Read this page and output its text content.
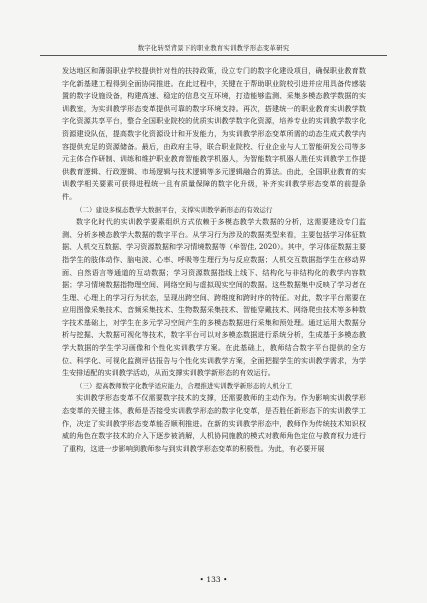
数字化转型背景下的职业教育实训教学形态变革研究

发达地区和薄弱职业学校提供针对性的扶持政策，设立专门的数字化建设项目，确保职业教育数字化新基建工程得到全面协同推进。在此过程中，关键在于帮助职业院校引进并应用具备传感装置的数字设施设备，构建高速、稳定的信息交互环境，打造能够监测、采集多模态教学数据的实训教室，为实训教学形态变革提供可靠的数字环境支持。再次，搭建统一的职业教育实训教学数字化资源共享平台，整合全国职业院校的优质实训教学数字化资源，培养专业的实训教学数字化资源建设队伍，提高数字化资源设计和开发能力，为实训教学形态变革所需的动态生成式教学内容提供充足的资源储备。最后，由政府主导，联合职业院校、行业企业与人工智能研发公司等多元主体合作研制、训练和维护职业教育智能教学机器人，为智能数字机器人胜任实训教学工作提供教育逻辑、行政逻辑、市场逻辑与技术逻辑等多元逻辑融合的算法。由此，全国职业教育的实训教学相关要素可获得进程统一且有质量保障的数字化升级，补齐实训教学形态变革的前提条件。

（二）建设多模态教学大数据平台，支撑实训教学新形态的有效运行

数字化时代的实训教学要素组织方式依赖于多模态教学大数据的分析，这需要建设专门监测、分析多模态教学大数据的数字平台。从学习行为涉及的数据类型来看，主要包括学习体征数据、人机交互数据、学习资源数据和学习情境数据等（牟智佳, 2020）。其中，学习体征数据主要指学生的肢体动作、脑电波、心率、呼吸等生理行为与反应数据；人机交互数据指学生在移动界面、自然语言等通道的互动数据；学习资源数据指线上线下、结构化与非结构化的教学内容数据；学习情境数据指物理空间、网络空间与虚拟现实空间的数据。这些数据集中反映了学习者在生理、心理上的学习行为状态，呈现出跨空间、跨维度和跨时序的特征。对此，数字平台需要在应用图像采集技术、音频采集技术、生物数据采集技术、智能穿戴技术、网络爬虫技术等多种数字技术基础上，对学生在多元学习空间产生的多模态数据进行采集和预处理。通过运用大数据分析与挖掘、大数据可视化等技术，数字平台可以对多模态数据进行系统分析，生成基于多模态教学大数据的学生学习画像和个性化实训教学方案。在此基础上，教师结合数字平台提供的全方位、科学化、可视化监测评估报告与个性化实训教学方案，全面把握学生的实训教学需求，为学生安排适配的实训教学活动，从而支撑实训教学新形态的有效运行。

（三）提高教师数字化教学适应能力，合理推进实训教学新形态的人机分工

实训教学形态变革不仅需要数字技术的支撑，还需要教师的主动作为。作为影响实训教学形态变革的关键主体，教师是否接受实训教学形态的数字化变革，是否胜任新形态下的实训教学工作，决定了实训教学形态变革能否顺利推进。在新的实训教学形态中，教师作为传统技术知识权威的角色在数字技术的介入下逐步被消解，人机协同施教的模式对教师角色定位与教育权力进行了重构，这进一步影响到教师参与到实训教学形态变革的积极性。为此，有必要开展

• 133 •
